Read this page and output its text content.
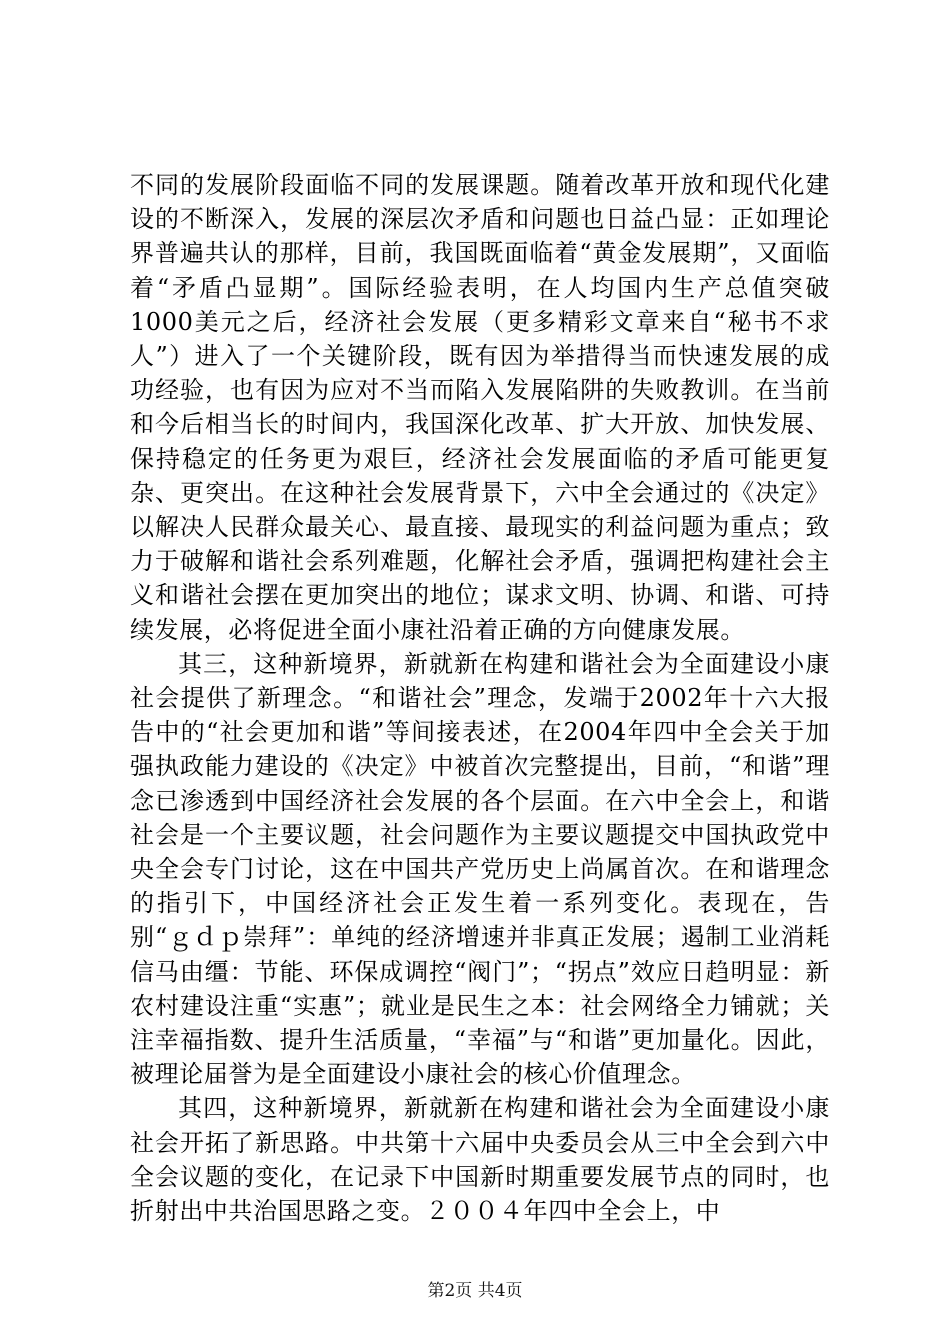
不同的发展阶段面临不同的发展课题。随着改革开放和现代化建设的不断深入，发展的深层次矛盾和问题也日益凸显：正如理论界普遍共认的那样，目前，我国既面临着“黄金发展期”，又面临着“矛盾凸显期”。国际经验表明，在人均国内生产总值突破1000美元之后，经济社会发展（更多精彩文章来自“秘书不求人”）进入了一个关键阶段，既有因为举措得当而快速发展的成功经验，也有因为应对不当而陷入发展陷阱的失败教训。在当前和今后相当长的时间内，我国深化改革、扩大开放、加快发展、保持稳定的任务更为艰巨，经济社会发展面临的矛盾可能更复杂、更突出。在这种社会发展背景下，六中全会通过的《决定》以解决人民群众最关心、最直接、最现实的利益问题为重点；致力于破解和谐社会系列难题，化解社会矛盾，强调把构建社会主义和谐社会摆在更加突出的地位；谋求文明、协调、和谐、可持续发展，必将促进全面小康社沿着正确的方向健康发展。

其三，这种新境界，新就新在构建和谐社会为全面建设小康社会提供了新理念。“和谐社会”理念，发端于2002年十六大报告中的“社会更加和谐”等间接表述，在2004年四中全会关于加强执政能力建设的《决定》中被首次完整提出，目前，“和谐”理念已渗透到中国经济社会发展的各个层面。在六中全会上，和谐社会是一个主要议题，社会问题作为主要议题提交中国执政党中央全会专门讨论，这在中国共产党历史上尚属首次。在和谐理念的指引下，中国经济社会正发生着一系列变化。表现在，告别“ｇｄｐ崇拜”：单纯的经济增速并非真正发展；遏制工业消耗信马由缰：节能、环保成调控“阀门”；“拐点”效应日趋明显：新农村建设注重“实惠”；就业是民生之本：社会网络全力铺就；关注幸福指数、提升生活质量，“幸福”与“和谐”更加量化。因此，被理论届誉为是全面建设小康社会的核心价值理念。

其四，这种新境界，新就新在构建和谐社会为全面建设小康社会开拓了新思路。中共第十六届中央委员会从三中全会到六中全会议题的变化，在记录下中国新时期重要发展节点的同时，也折射出中共治国思路之变。２００４年四中全会上，中

第2页 共4页
